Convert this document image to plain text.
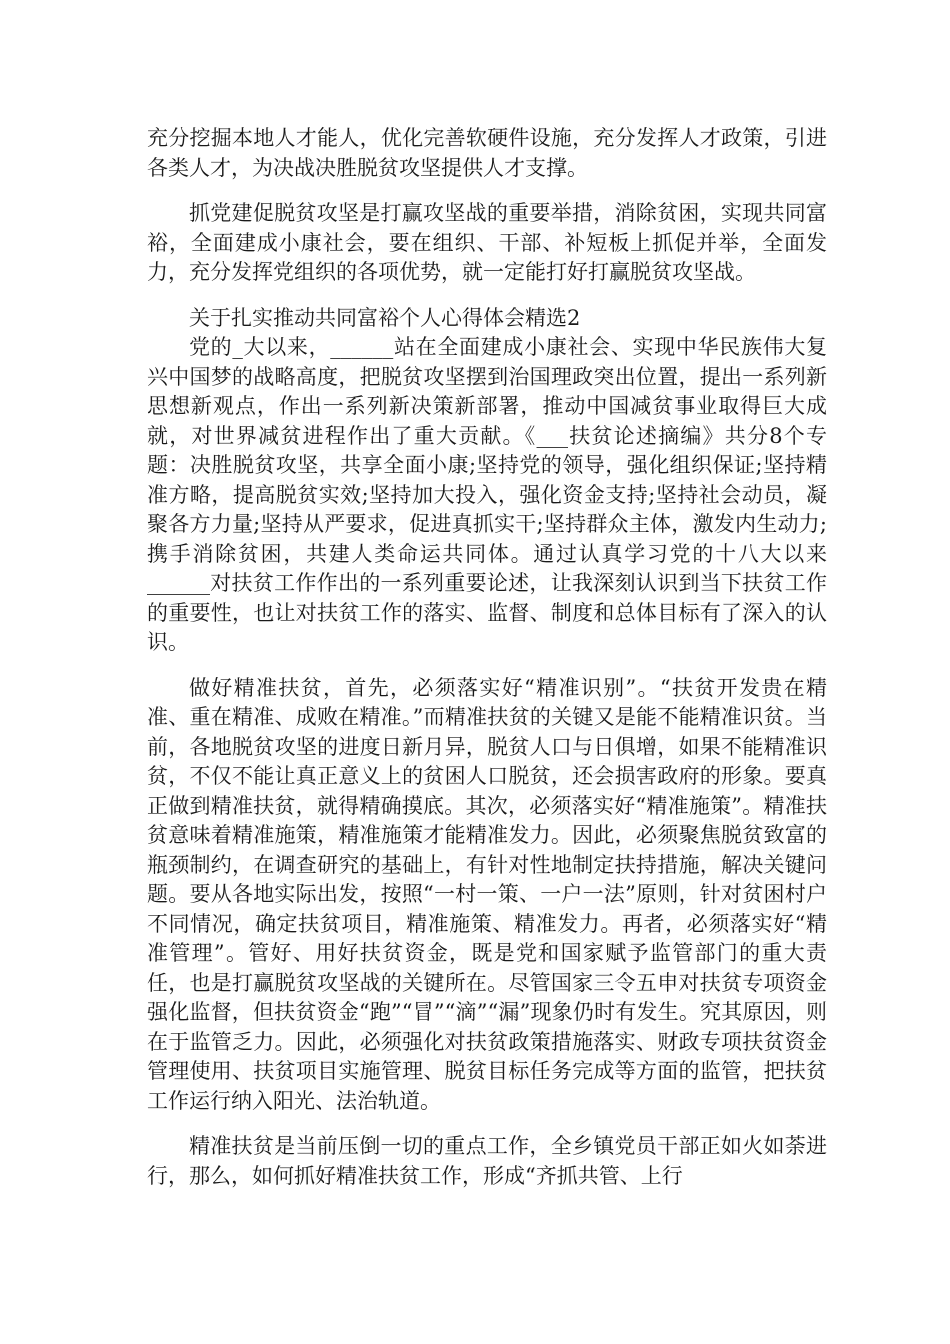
充分挖掘本地人才能人，优化完善软硬件设施，充分发挥人才政策，引进各类人才，为决战决胜脱贫攻坚提供人才支撑。

抓党建促脱贫攻坚是打赢攻坚战的重要举措，消除贫困，实现共同富裕，全面建成小康社会，要在组织、干部、补短板上抓促并举，全面发力，充分发挥党组织的各项优势，就一定能打好打赢脱贫攻坚战。

关于扎实推动共同富裕个人心得体会精选2

党的_大以来，______站在全面建成小康社会、实现中华民族伟大复兴中国梦的战略高度，把脱贫攻坚摆到治国理政突出位置，提出一系列新思想新观点，作出一系列新决策新部署，推动中国减贫事业取得巨大成就，对世界减贫进程作出了重大贡献。《___扶贫论述摘编》共分8个专题：决胜脱贫攻坚，共享全面小康;坚持党的领导，强化组织保证;坚持精准方略，提高脱贫实效;坚持加大投入，强化资金支持;坚持社会动员，凝聚各方力量;坚持从严要求，促进真抓实干;坚持群众主体，激发内生动力;携手消除贫困，共建人类命运共同体。通过认真学习党的十八大以来______对扶贫工作作出的一系列重要论述，让我深刻认识到当下扶贫工作的重要性，也让对扶贫工作的落实、监督、制度和总体目标有了深入的认识。

做好精准扶贫，首先，必须落实好“精准识别”。“扶贫开发贵在精准、重在精准、成败在精准。”而精准扶贫的关键又是能不能精准识贫。当前，各地脱贫攻坚的进度日新月异，脱贫人口与日俱增，如果不能精准识贫，不仅不能让真正意义上的贫困人口脱贫，还会损害政府的形象。要真正做到精准扶贫，就得精确摸底。其次，必须落实好“精准施策”。精准扶贫意味着精准施策，精准施策才能精准发力。因此，必须聚焦脱贫致富的瓶颈制约，在调查研究的基础上，有针对性地制定扶持措施，解决关键问题。要从各地实际出发，按照“一村一策、一户一法”原则，针对贫困村户不同情况，确定扶贫项目，精准施策、精准发力。再者，必须落实好“精准管理”。管好、用好扶贫资金，既是党和国家赋予监管部门的重大责任，也是打赢脱贫攻坚战的关键所在。尽管国家三令五申对扶贫专项资金强化监督，但扶贫资金“跑”“冒”“滴”“漏”现象仍时有发生。究其原因，则在于监管乏力。因此，必须强化对扶贫政策措施落实、财政专项扶贫资金管理使用、扶贫项目实施管理、脱贫目标任务完成等方面的监管，把扶贫工作运行纳入阳光、法治轨道。

精准扶贫是当前压倒一切的重点工作，全乡镇党员干部正如火如荼进行，那么，如何抓好精准扶贫工作，形成“齐抓共管、上行
